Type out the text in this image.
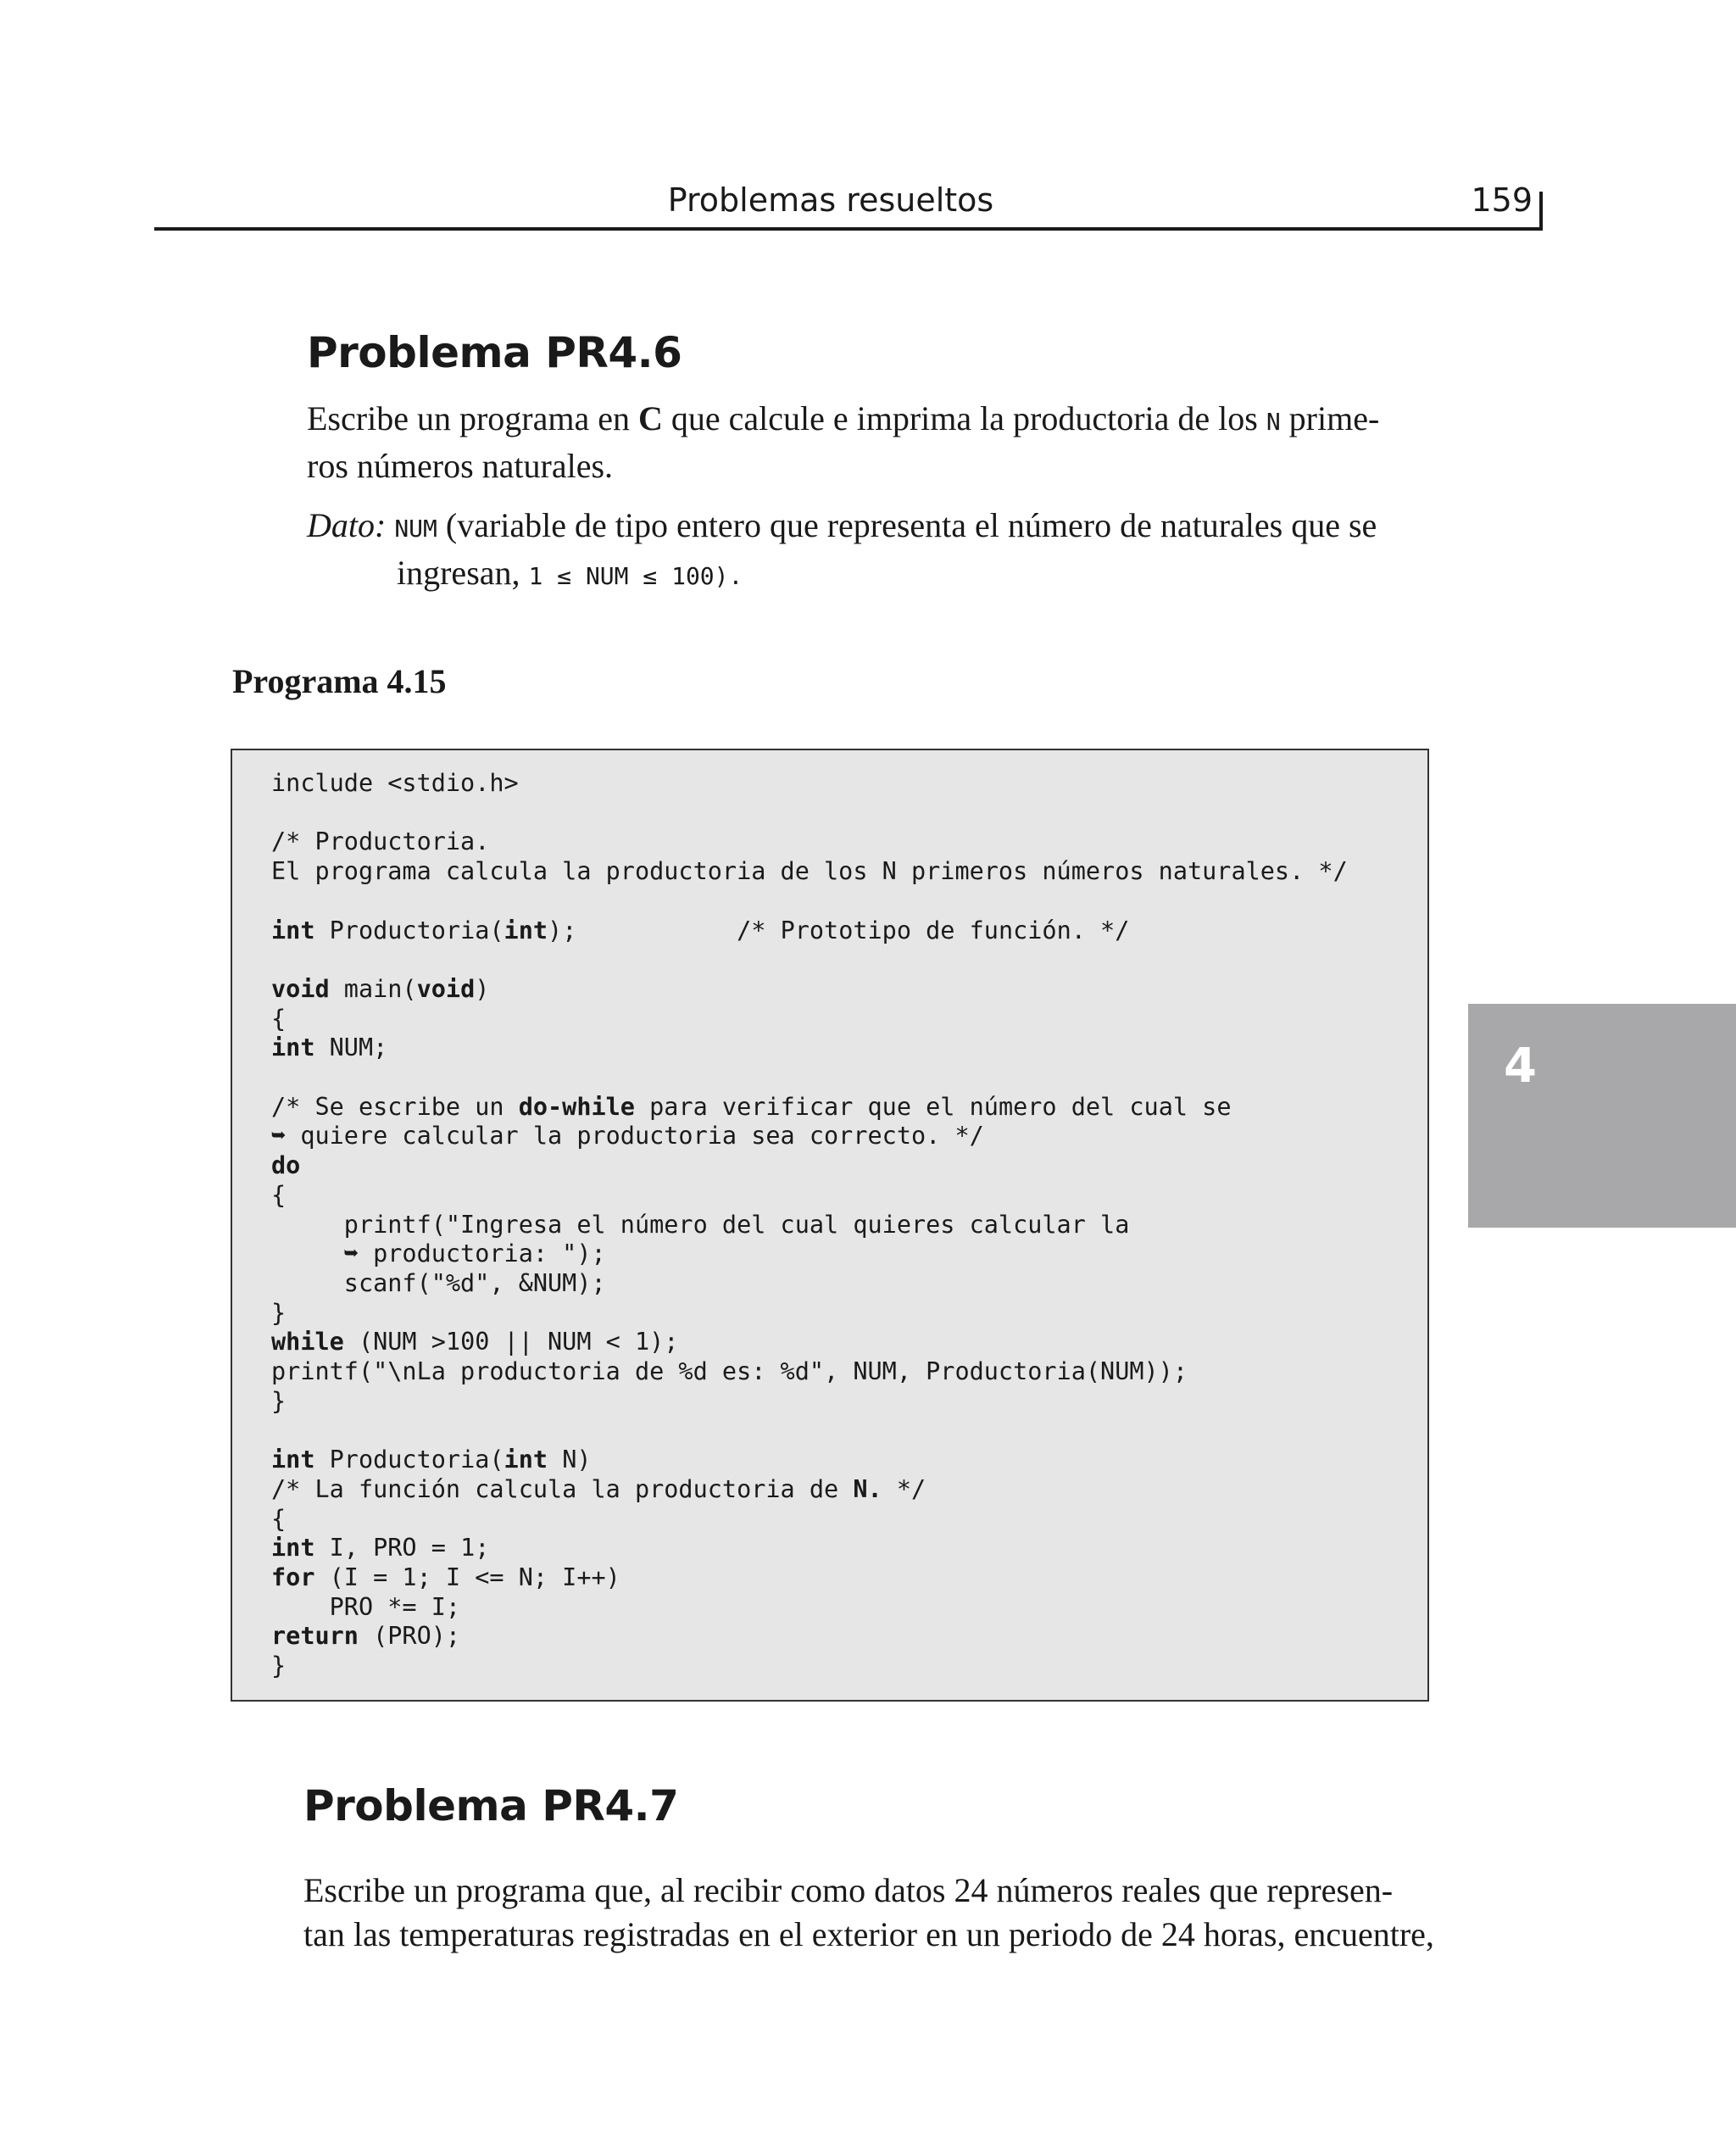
Problemas resueltos	159
Problema PR4.6
Escribe un programa en C que calcule e imprima la productoria de los N prime-
ros números naturales.
Dato: NUM (variable de tipo entero que representa el número de naturales que se
ingresan, 1 ≤ NUM ≤ 100).
Programa 4.15
include <stdio.h>
/* Productoria.
El programa calcula la productoria de los N primeros números naturales. */
int Productoria(int);           /* Prototipo de función. */
void main(void)
{
int NUM;
/* Se escribe un do-while para verificar que el número del cual se
➥ quiere calcular la productoria sea correcto. */
do
{
printf("Ingresa el número del cual quieres calcular la
➥ productoria: ");
scanf("%d", &NUM);
}
while (NUM >100 || NUM < 1);
printf("\nLa productoria de %d es: %d", NUM, Productoria(NUM));
}
int Productoria(int N)
/* La función calcula la productoria de N. */
{
int I, PRO = 1;
for (I = 1; I <= N; I++)
PRO *= I;
return (PRO);
}
Problema PR4.7
Escribe un programa que, al recibir como datos 24 números reales que represen-
tan las temperaturas registradas en el exterior en un periodo de 24 horas, encuentre,
4
